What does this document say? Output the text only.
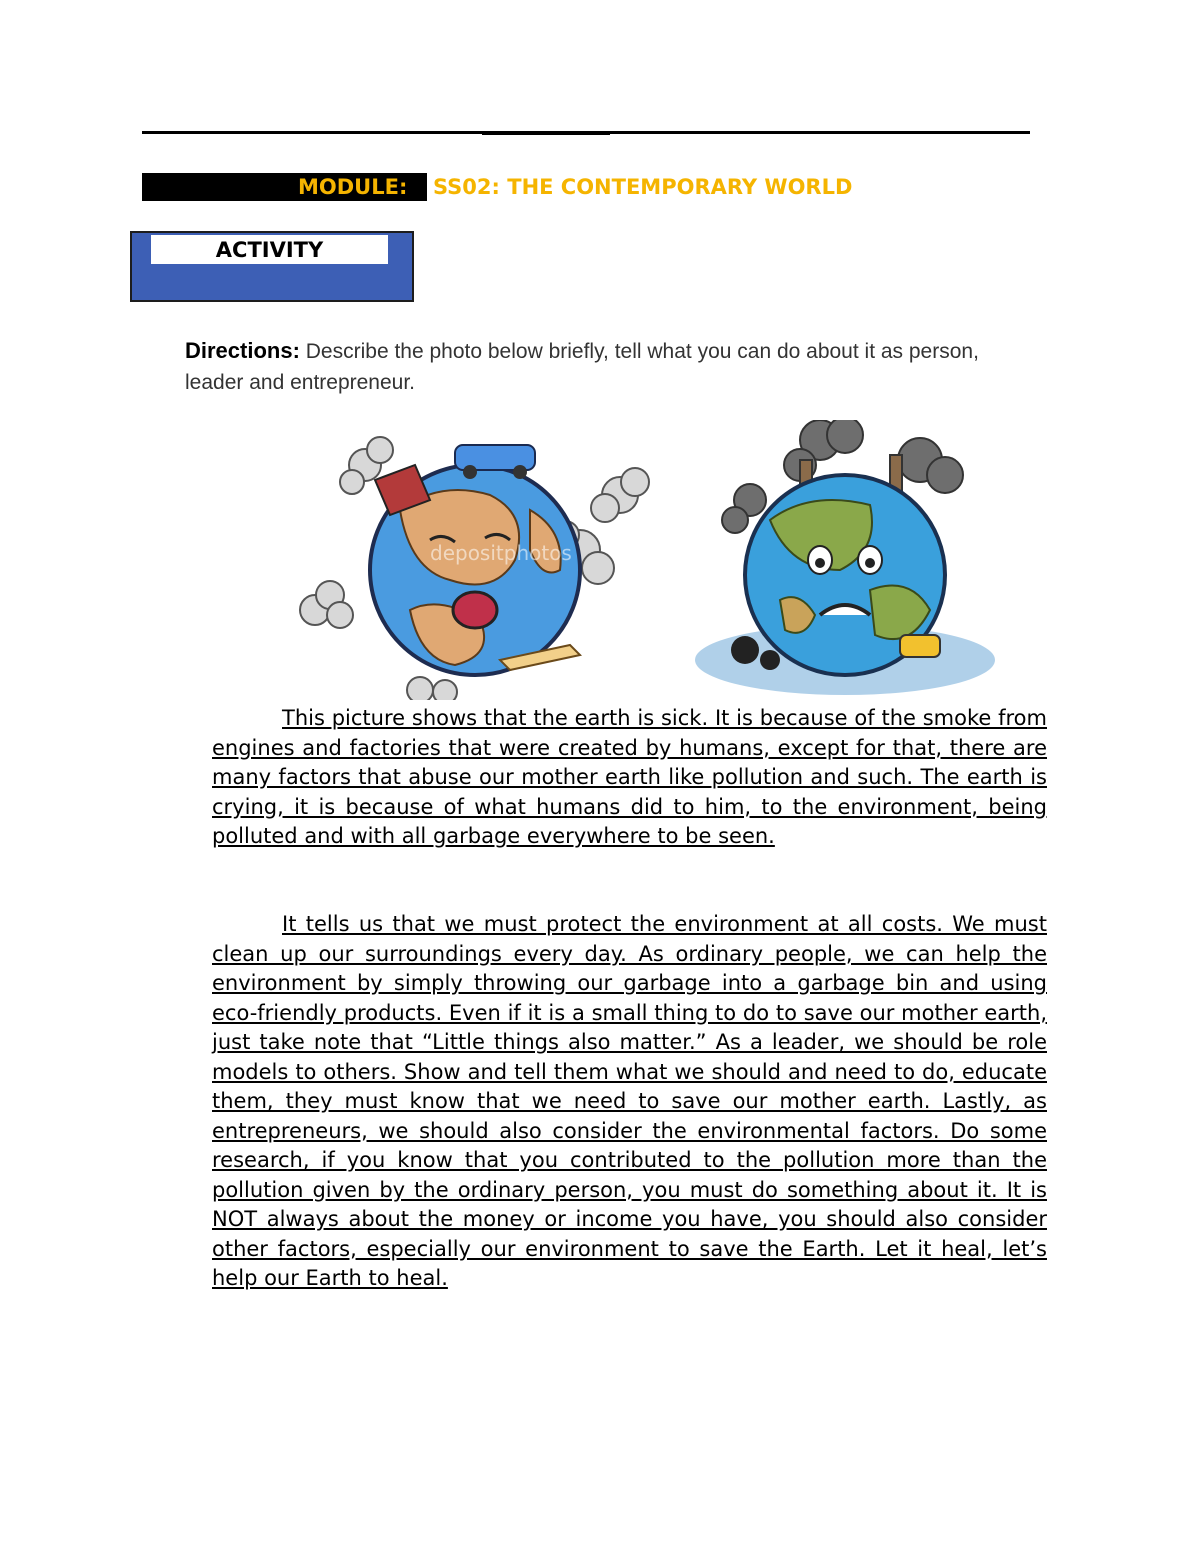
MODULE: SS02: THE CONTEMPORARY WORLD
ACTIVITY
Directions: Describe the photo below briefly, tell what you can do about it as person, leader and entrepreneur.
depositphotos

This picture shows that the earth is sick. It is because of the smoke from engines and factories that were created by humans, except for that, there are many factors that abuse our mother earth like pollution and such. The earth is crying, it is because of what humans did to him, to the environment, being polluted and with all garbage everywhere to be seen.

It tells us that we must protect the environment at all costs. We must clean up our surroundings every day. As ordinary people, we can help the environment by simply throwing our garbage into a garbage bin and using eco-friendly products. Even if it is a small thing to do to save our mother earth, just take note that “Little things also matter.” As a leader, we should be role models to others. Show and tell them what we should and need to do, educate them, they must know that we need to save our mother earth. Lastly, as entrepreneurs, we should also consider the environmental factors. Do some research, if you know that you contributed to the pollution more than the pollution given by the ordinary person, you must do something about it. It is NOT always about the money or income you have, you should also consider other factors, especially our environment to save the Earth. Let it heal, let’s help our Earth to heal.
